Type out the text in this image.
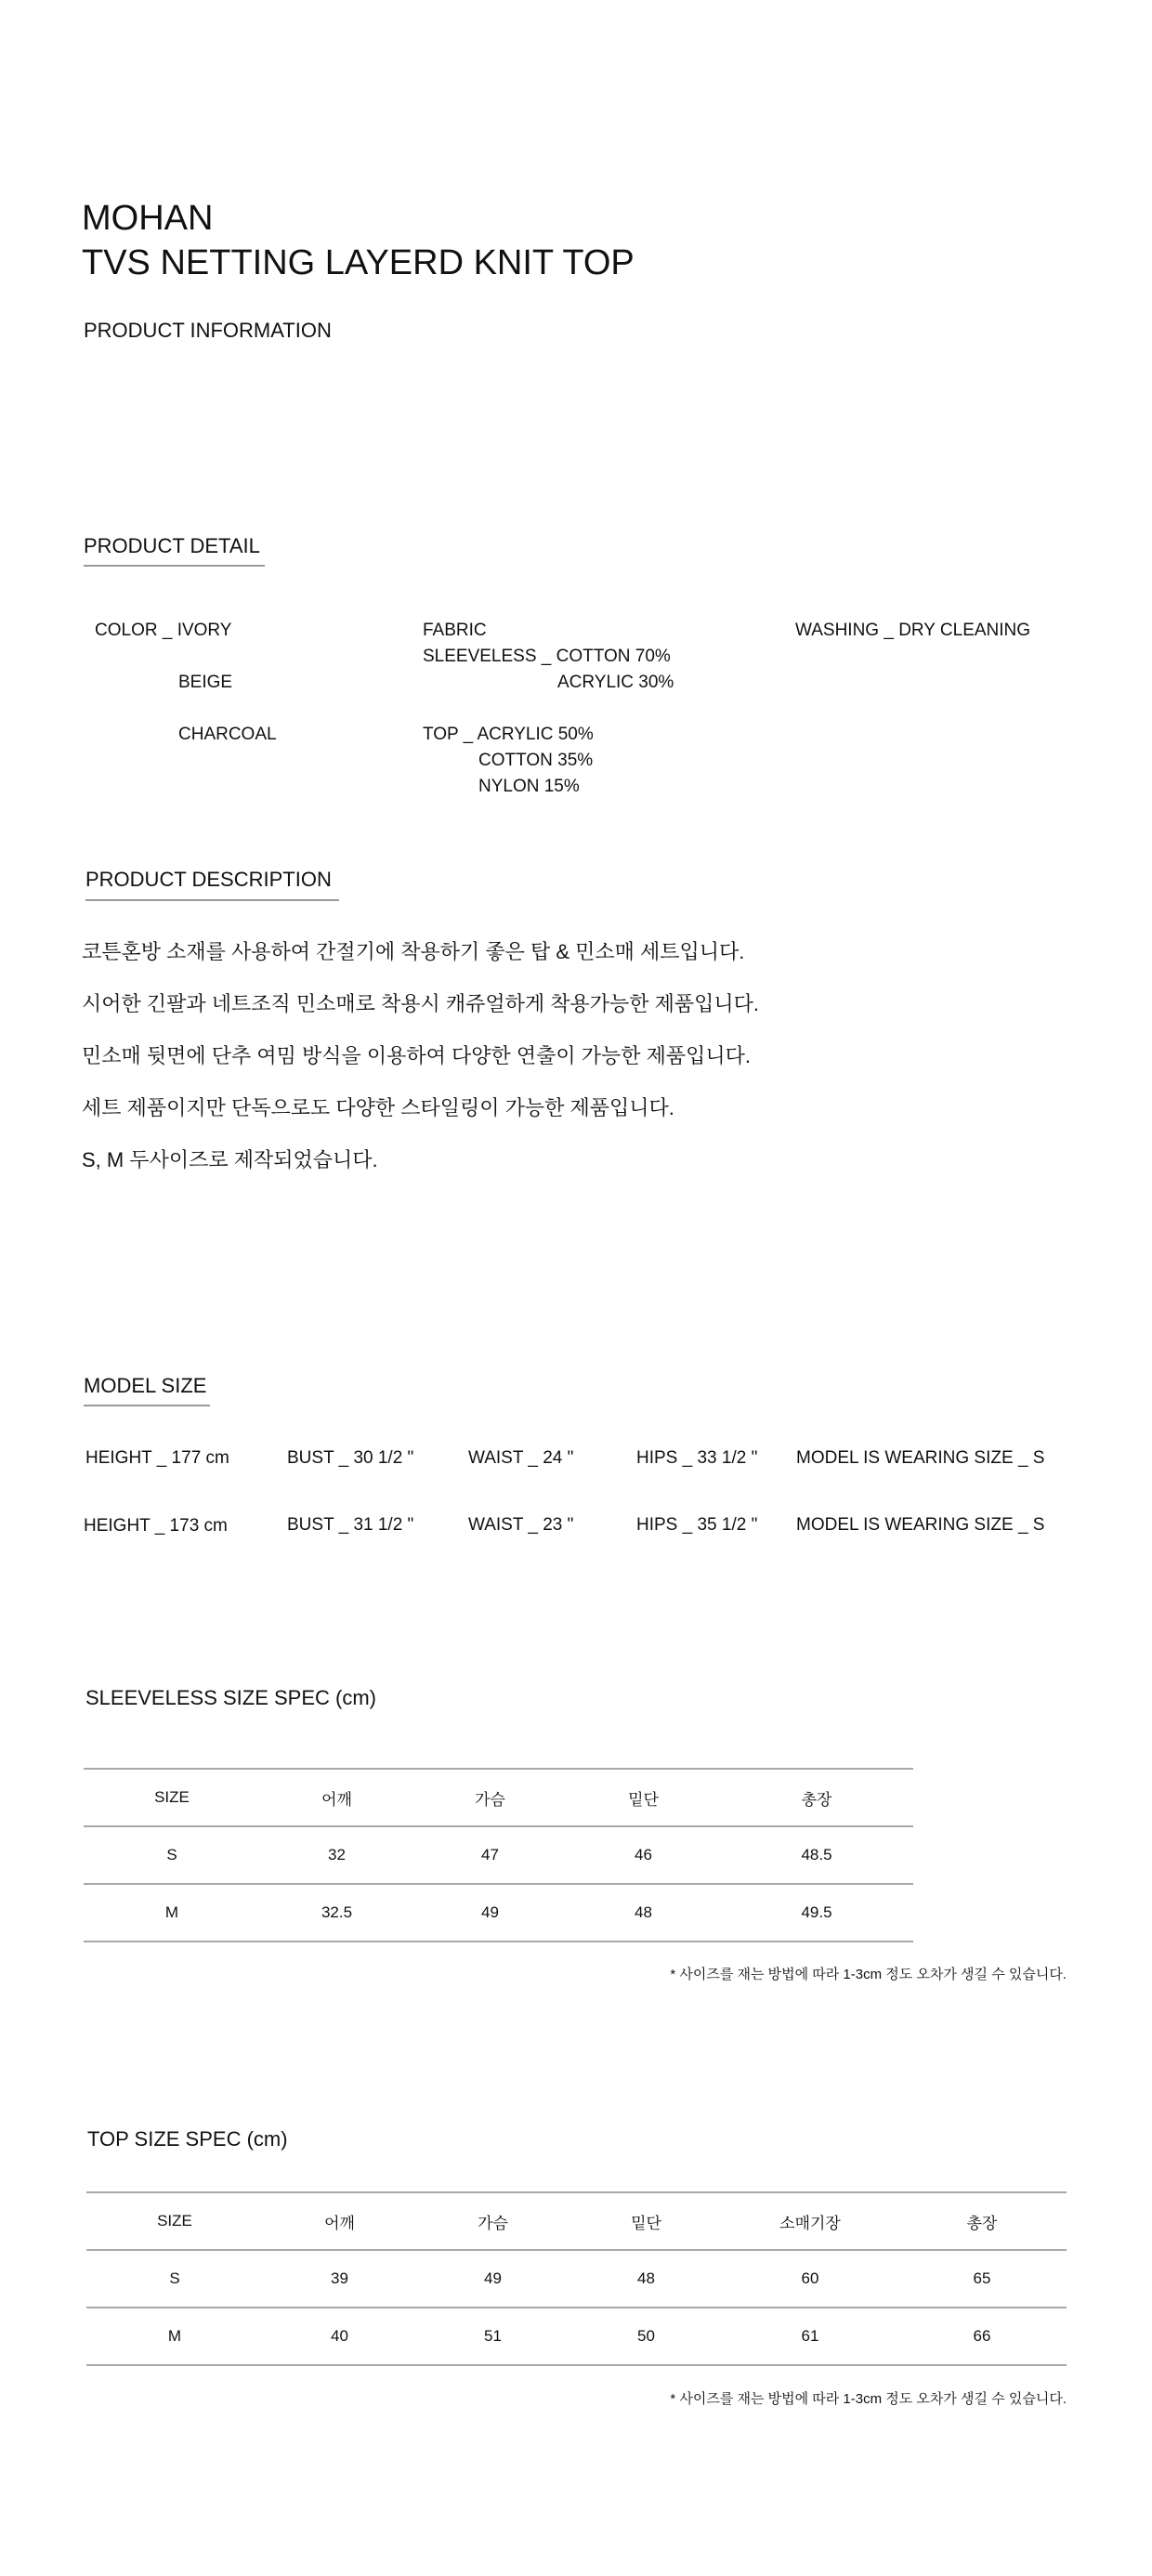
MOHAN
TVS NETTING LAYERD KNIT TOP
PRODUCT INFORMATION
PRODUCT DETAIL
COLOR _ IVORY
BEIGE
CHARCOAL
FABRIC
SLEEVELESS _ COTTON 70%
ACRYLIC 30%
TOP _ ACRYLIC 50%
COTTON 35%
NYLON 15%
WASHING _ DRY CLEANING
PRODUCT DESCRIPTION
코튼혼방 소재를 사용하여 간절기에 착용하기 좋은 탑 & 민소매 세트입니다.
시어한 긴팔과 네트조직 민소매로 착용시 캐쥬얼하게 착용가능한 제품입니다.
민소매 뒷면에 단추 여밈 방식을 이용하여 다양한 연출이 가능한 제품입니다.
세트 제품이지만 단독으로도 다양한 스타일링이 가능한 제품입니다.
S, M 두사이즈로 제작되었습니다.
MODEL SIZE
HEIGHT _ 177 cm	BUST _ 30 1/2 "	WAIST _ 24 "	HIPS _ 33 1/2 " MODEL IS WEARING SIZE _ S
HEIGHT _ 173 cm	BUST _ 31 1/2 "	WAIST _ 23 "	HIPS _ 35 1/2 " MODEL IS WEARING SIZE _ S
SLEEVELESS SIZE SPEC (cm)
SIZE	어깨	가슴	밑단	총장
S	32	47	46	48.5
M	32.5	49	48	49.5
* 사이즈를 재는 방법에 따라 1-3cm 정도 오차가 생길 수 있습니다.
TOP SIZE SPEC (cm)
SIZE	어깨	가슴	밑단	소매기장	총장
S	39	49	48	60	65
M	40	51	50	61	66
* 사이즈를 재는 방법에 따라 1-3cm 정도 오차가 생길 수 있습니다.
